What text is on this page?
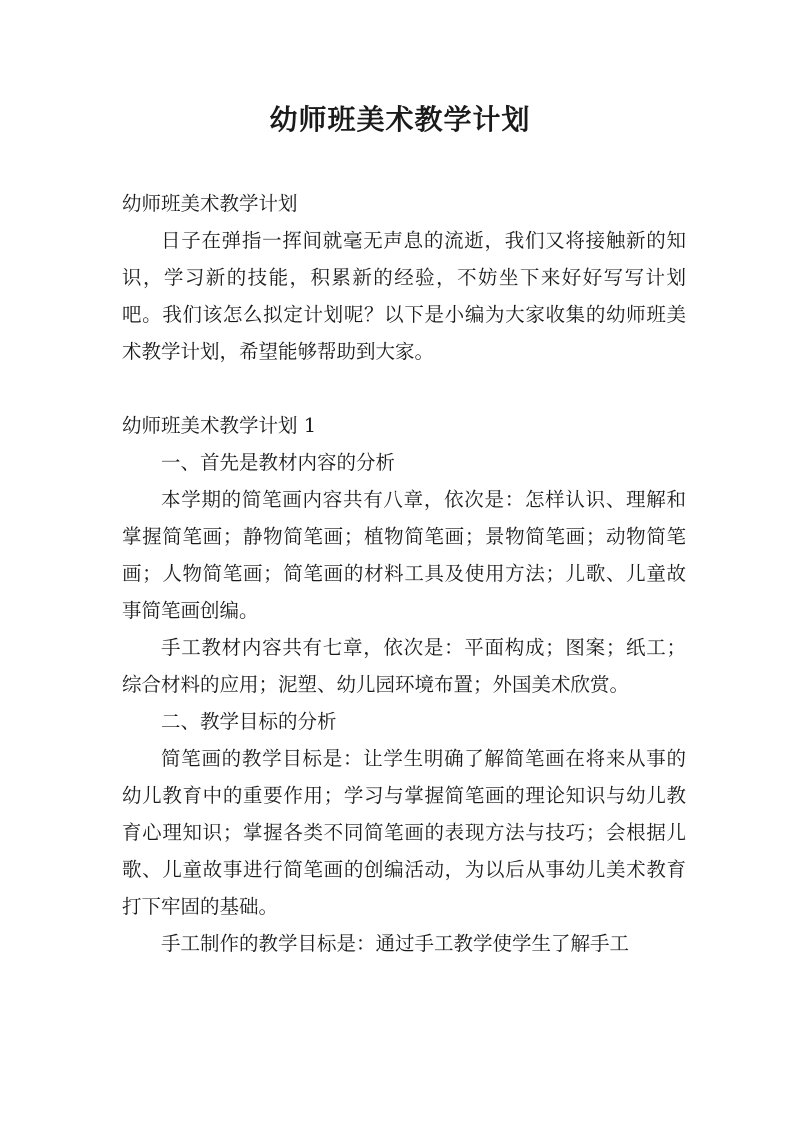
幼师班美术教学计划

幼师班美术教学计划

日子在弹指一挥间就毫无声息的流逝，我们又将接触新的知识，学习新的技能，积累新的经验，不妨坐下来好好写写计划吧。我们该怎么拟定计划呢？以下是小编为大家收集的幼师班美术教学计划，希望能够帮助到大家。

幼师班美术教学计划 1

一、首先是教材内容的分析

本学期的简笔画内容共有八章，依次是：怎样认识、理解和掌握简笔画；静物简笔画；植物简笔画；景物简笔画；动物简笔画；人物简笔画；简笔画的材料工具及使用方法；儿歌、儿童故事简笔画创编。

手工教材内容共有七章，依次是：平面构成；图案；纸工；综合材料的应用；泥塑、幼儿园环境布置；外国美术欣赏。

二、教学目标的分析

简笔画的教学目标是：让学生明确了解简笔画在将来从事的幼儿教育中的重要作用；学习与掌握简笔画的理论知识与幼儿教育心理知识；掌握各类不同简笔画的表现方法与技巧；会根据儿歌、儿童故事进行简笔画的创编活动，为以后从事幼儿美术教育打下牢固的基础。

手工制作的教学目标是：通过手工教学使学生了解手工
